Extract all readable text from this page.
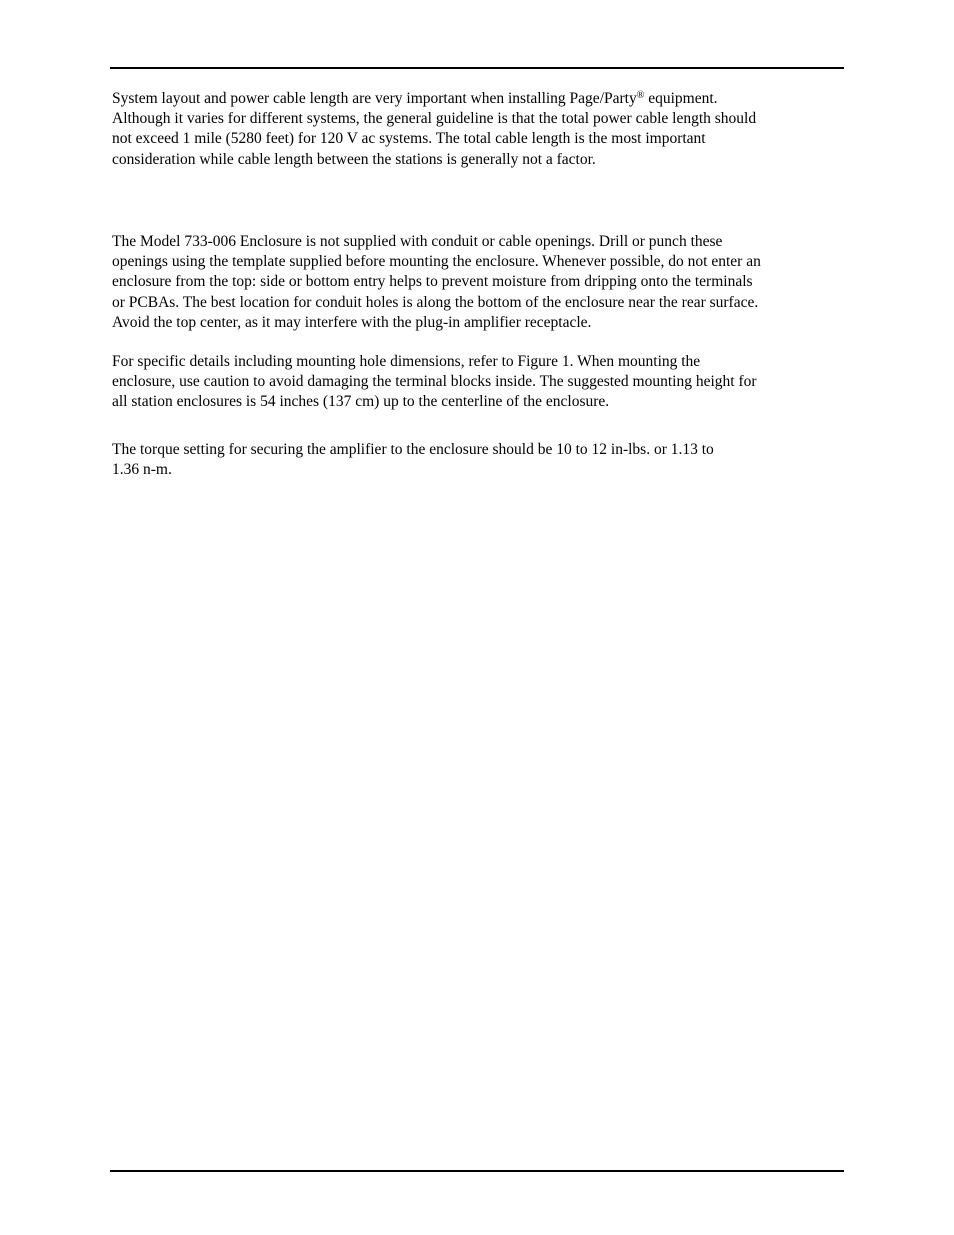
System layout and power cable length are very important when installing Page/Party® equipment.
Although it varies for different systems, the general guideline is that the total power cable length should
not exceed 1 mile (5280 feet) for 120 V ac systems. The total cable length is the most important
consideration while cable length between the stations is generally not a factor.

The Model 733-006 Enclosure is not supplied with conduit or cable openings. Drill or punch these
openings using the template supplied before mounting the enclosure. Whenever possible, do not enter an
enclosure from the top: side or bottom entry helps to prevent moisture from dripping onto the terminals
or PCBAs. The best location for conduit holes is along the bottom of the enclosure near the rear surface.
Avoid the top center, as it may interfere with the plug-in amplifier receptacle.

For specific details including mounting hole dimensions, refer to Figure 1. When mounting the
enclosure, use caution to avoid damaging the terminal blocks inside. The suggested mounting height for
all station enclosures is 54 inches (137 cm) up to the centerline of the enclosure.

The torque setting for securing the amplifier to the enclosure should be 10 to 12 in-lbs. or 1.13 to
1.36 n-m.
